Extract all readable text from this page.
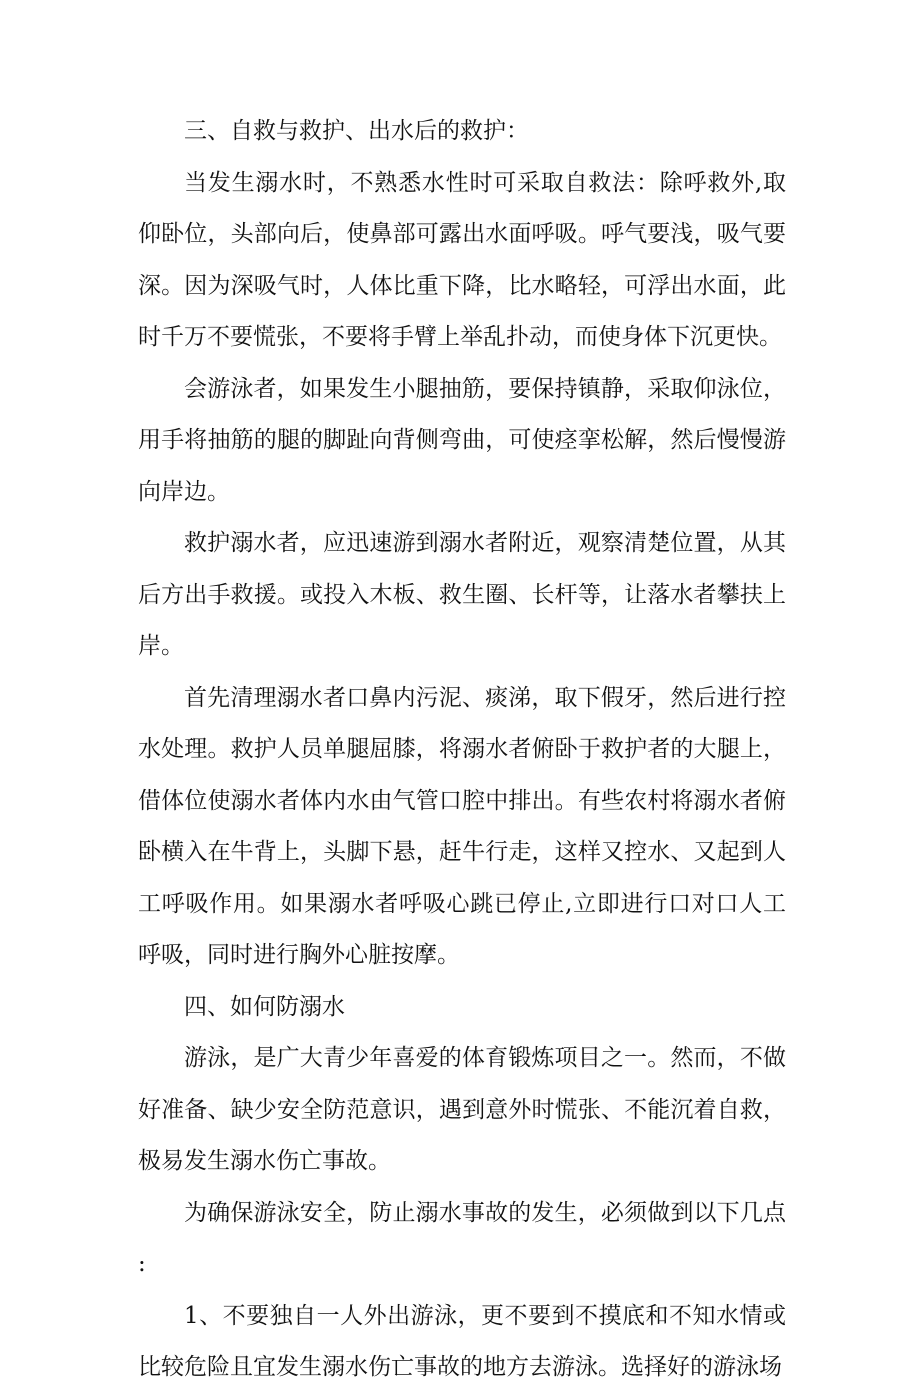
三、自救与救护、出水后的救护：

当发生溺水时，不熟悉水性时可采取自救法：除呼救外,取仰卧位，头部向后，使鼻部可露出水面呼吸。呼气要浅，吸气要深。因为深吸气时，人体比重下降，比水略轻，可浮出水面，此时千万不要慌张，不要将手臂上举乱扑动，而使身体下沉更快。

会游泳者，如果发生小腿抽筋，要保持镇静，采取仰泳位，用手将抽筋的腿的脚趾向背侧弯曲，可使痉挛松解，然后慢慢游向岸边。

救护溺水者，应迅速游到溺水者附近，观察清楚位置，从其后方出手救援。或投入木板、救生圈、长杆等，让落水者攀扶上岸。

首先清理溺水者口鼻内污泥、痰涕，取下假牙，然后进行控水处理。救护人员单腿屈膝，将溺水者俯卧于救护者的大腿上，借体位使溺水者体内水由气管口腔中排出。有些农村将溺水者俯卧横入在牛背上，头脚下悬，赶牛行走，这样又控水、又起到人工呼吸作用。如果溺水者呼吸心跳已停止,立即进行口对口人工呼吸，同时进行胸外心脏按摩。

四、如何防溺水

游泳，是广大青少年喜爱的体育锻炼项目之一。然而，不做好准备、缺少安全防范意识，遇到意外时慌张、不能沉着自救，极易发生溺水伤亡事故。

为确保游泳安全，防止溺水事故的发生，必须做到以下几点:

1、不要独自一人外出游泳，更不要到不摸底和不知水情或比较危险且宜发生溺水伤亡事故的地方去游泳。选择好的游泳场
